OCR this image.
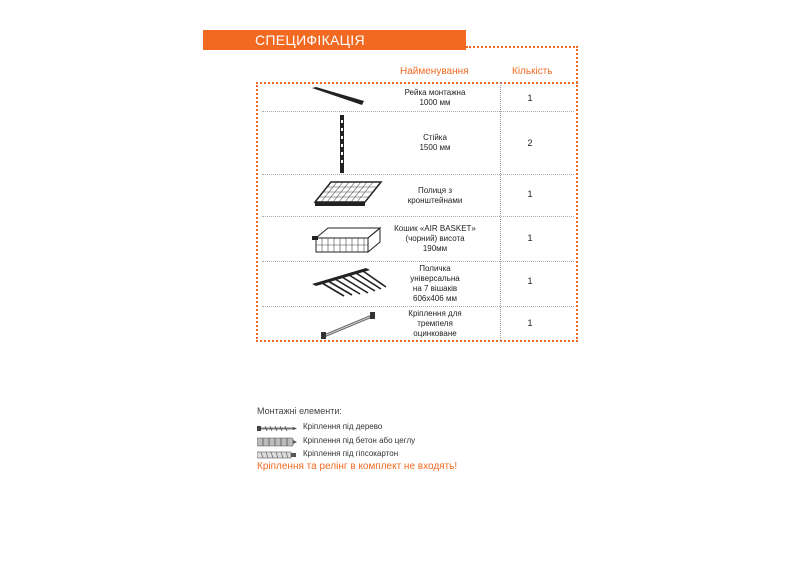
СПЕЦИФІКАЦІЯ
Найменування	Кількість
Рейка монтажна
1000 мм	1
Стійка
1500 мм	2
Полиця з
кронштейнами
1
Кошик «AIR BASKET»
(чорний) висота
190мм
1
Поличка
універсальна
на 7 вішаків
606х406 мм
1
Кріплення для
тремпеля
оцинковане
1
Монтажні елементи:
Кріплення під дерево
Кріплення під бетон або цеглу
Кріплення під гіпсокартон
Кріплення та релінг в комплект не входять!
